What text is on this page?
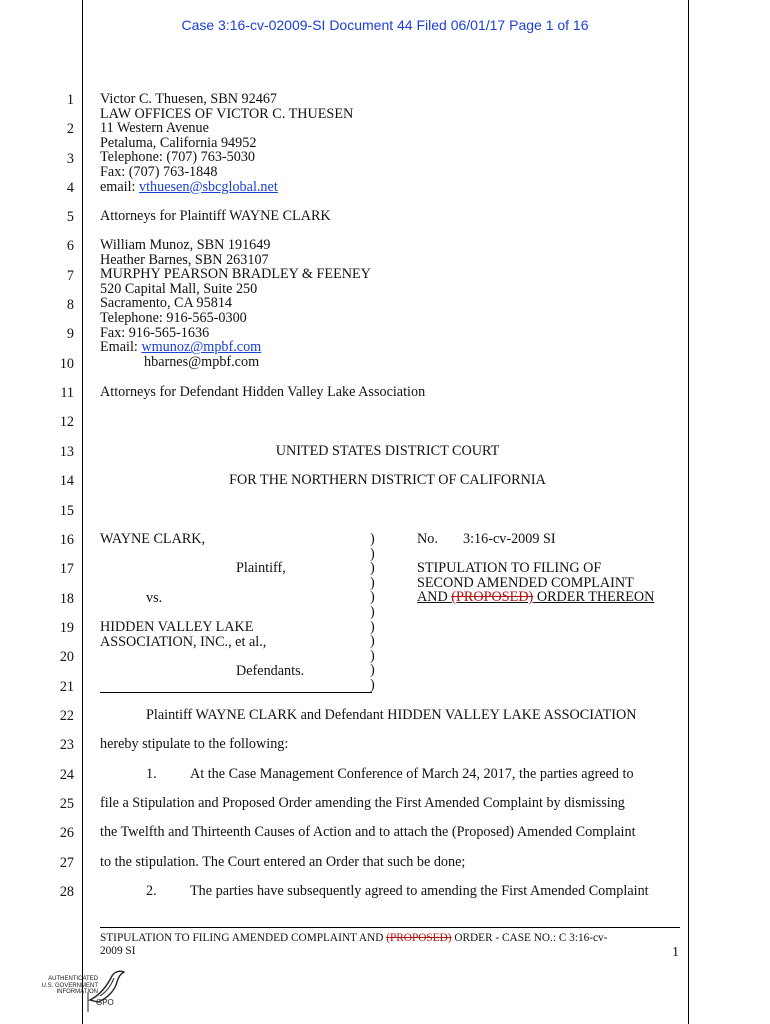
Case 3:16-cv-02009-SI Document 44 Filed 06/01/17 Page 1 of 16
1
2
3
4
5
6
7
8
9
10
11
12
13
14
15
16
17
18
19
20
21
22
23
24
25
26
27
28
Victor C. Thuesen, SBN 92467
LAW OFFICES OF VICTOR C. THUESEN
11 Western Avenue
Petaluma, California 94952
Telephone: (707) 763-5030
Fax: (707) 763-1848
email: vthuesen@sbcglobal.net
Attorneys for Plaintiff WAYNE CLARK
William Munoz, SBN 191649
Heather Barnes, SBN 263107
MURPHY PEARSON BRADLEY & FEENEY
520 Capital Mall, Suite 250
Sacramento, CA 95814
Telephone: 916-565-0300
Fax: 916-565-1636
Email: wmunoz@mpbf.com
hbarnes@mpbf.com
Attorneys for Defendant Hidden Valley Lake Association
UNITED STATES DISTRICT COURT
FOR THE NORTHERN DISTRICT OF CALIFORNIA
WAYNE CLARK,
Plaintiff,
vs.
HIDDEN VALLEY LAKE
ASSOCIATION, INC., et al.,
Defendants.
)
)
)
)
)
)
)
)
)
)
)
No. 3:16-cv-2009 SI
STIPULATION TO FILING OF
SECOND AMENDED COMPLAINT
AND (PROPOSED) ORDER THEREON
Plaintiff WAYNE CLARK and Defendant HIDDEN VALLEY LAKE ASSOCIATION
hereby stipulate to the following:
1. At the Case Management Conference of March 24, 2017, the parties agreed to
file a Stipulation and Proposed Order amending the First Amended Complaint by dismissing
the Twelfth and Thirteenth Causes of Action and to attach the (Proposed) Amended Complaint
to the stipulation. The Court entered an Order that such be done;
2. The parties have subsequently agreed to amending the First Amended Complaint
STIPULATION TO FILING AMENDED COMPLAINT AND (PROPOSED) ORDER - CASE NO.: C 3:16-cv-
2009 SI	1
AUTHENTICATED
U.S. GOVERNMENT
INFORMATION
GPO
